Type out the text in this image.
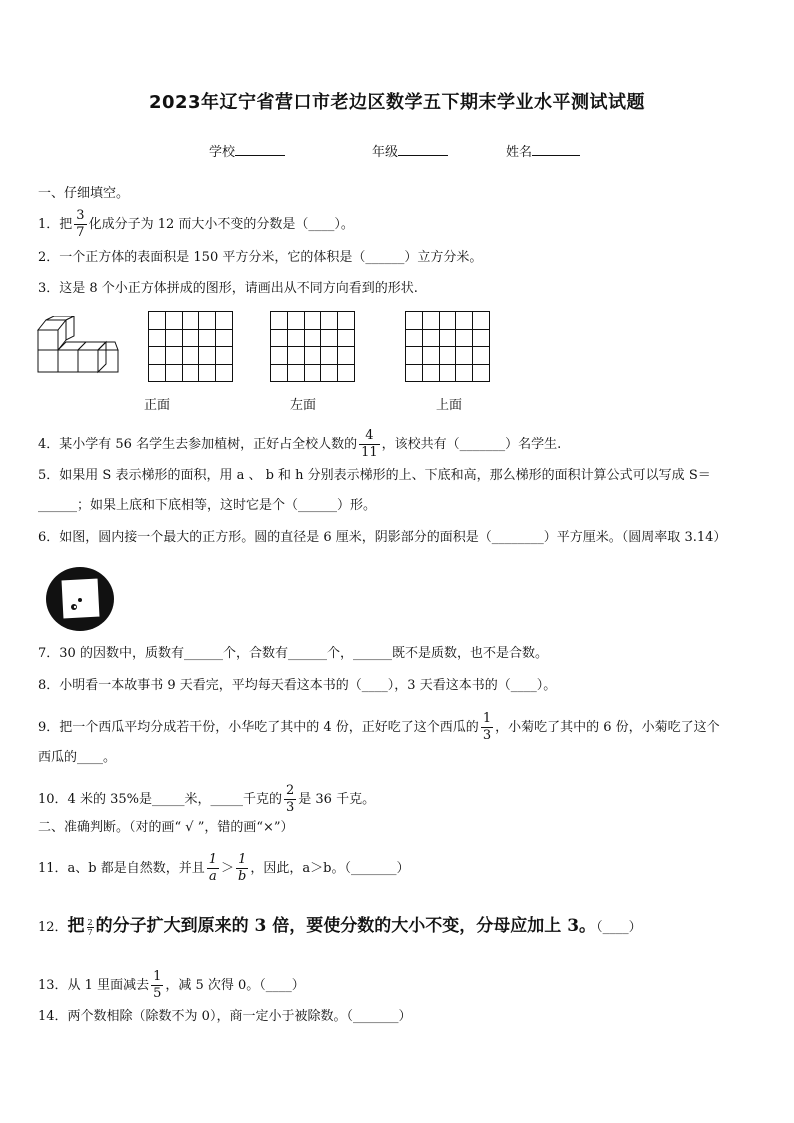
2023年辽宁省营口市老边区数学五下期末学业水平测试试题
学校	年级	姓名
一、仔细填空。
1．把 $\frac{3}{7}$ 化成分子为 12 而大小不变的分数是（____）。
2．一个正方体的表面积是 150 平方分米，它的体积是（______）立方分米。
3．这是 8 个小正方体拼成的图形，请画出从不同方向看到的形状.

正面	左面	上面
4．某小学有 56 名学生去参加植树，正好占全校人数的 $\frac{4}{11}$ ，该校共有（_______）名学生.
5．如果用 S 表示梯形的面积，用 a 、 b 和 h 分别表示梯形的上、下底和高，那么梯形的面积计算公式可以写成 S＝
______；如果上底和下底相等，这时它是个（______）形。
6．如图，圆内接一个最大的正方形。圆的直径是 6 厘米，阴影部分的面积是（________）平方厘米。（圆周率取 3.14）
7．30 的因数中，质数有______个，合数有______个，______既不是质数，也不是合数。
8．小明看一本故事书 9 天看完，平均每天看这本书的（____），3 天看这本书的（____）。
9．把一个西瓜平均分成若干份，小华吃了其中的 4 份，正好吃了这个西瓜的 $\frac{1}{3}$ ，小菊吃了其中的 6 份，小菊吃了这个
西瓜的____。
10．4 米的 35%是_____米，_____千克的 $\frac{2}{3}$ 是 36 千克。
二、准确判断。（对的画“ √ ”，错的画“×”）
11．a、b 都是自然数，并且 $\frac{1}{a} > \frac{1}{b}$ ，因此，a＞b。（_______）
12．把 $\frac{2}{7}$ 的分子扩大到原来的 3 倍，要使分数的大小不变，分母应加上 3。（____）
13．从 1 里面减去 $\frac{1}{5}$ ，减 5 次得 0。（____）
14．两个数相除（除数不为 0），商一定小于被除数。（_______）
